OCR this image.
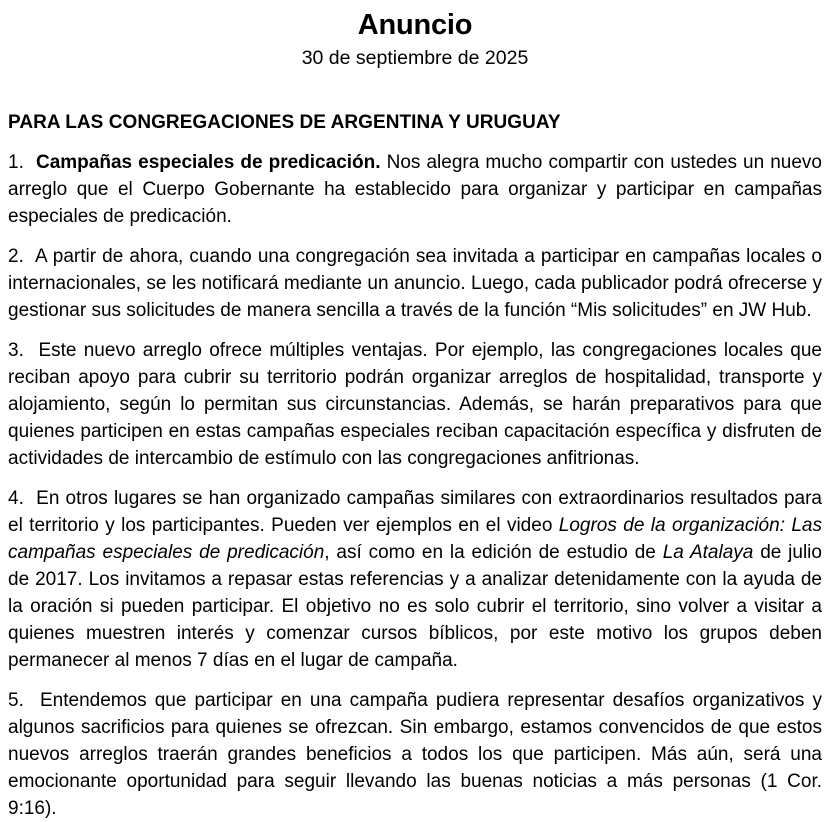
Anuncio
30 de septiembre de 2025
PARA LAS CONGREGACIONES DE ARGENTINA Y URUGUAY

1. Campañas especiales de predicación. Nos alegra mucho compartir con ustedes un nuevo arreglo que el Cuerpo Gobernante ha establecido para organizar y participar en campañas especiales de predicación.

2. A partir de ahora, cuando una congregación sea invitada a participar en campañas locales o internacionales, se les notificará mediante un anuncio. Luego, cada publicador podrá ofrecerse y gestionar sus solicitudes de manera sencilla a través de la función “Mis solicitudes” en JW Hub.

3. Este nuevo arreglo ofrece múltiples ventajas. Por ejemplo, las congregaciones locales que reciban apoyo para cubrir su territorio podrán organizar arreglos de hospitalidad, transporte y alojamiento, según lo permitan sus circunstancias. Además, se harán preparativos para que quienes participen en estas campañas especiales reciban capacitación específica y disfruten de actividades de intercambio de estímulo con las congregaciones anfitrionas.

4. En otros lugares se han organizado campañas similares con extraordinarios resultados para el territorio y los participantes. Pueden ver ejemplos en el video Logros de la organización: Las campañas especiales de predicación, así como en la edición de estudio de La Atalaya de julio de 2017. Los invitamos a repasar estas referencias y a analizar detenidamente con la ayuda de la oración si pueden participar. El objetivo no es solo cubrir el territorio, sino volver a visitar a quienes muestren interés y comenzar cursos bíblicos, por este motivo los grupos deben permanecer al menos 7 días en el lugar de campaña.

5. Entendemos que participar en una campaña pudiera representar desafíos organizativos y algunos sacrificios para quienes se ofrezcan. Sin embargo, estamos convencidos de que estos nuevos arreglos traerán grandes beneficios a todos los que participen. Más aún, será una emocionante oportunidad para seguir llevando las buenas noticias a más personas (1 Cor. 9:16).
